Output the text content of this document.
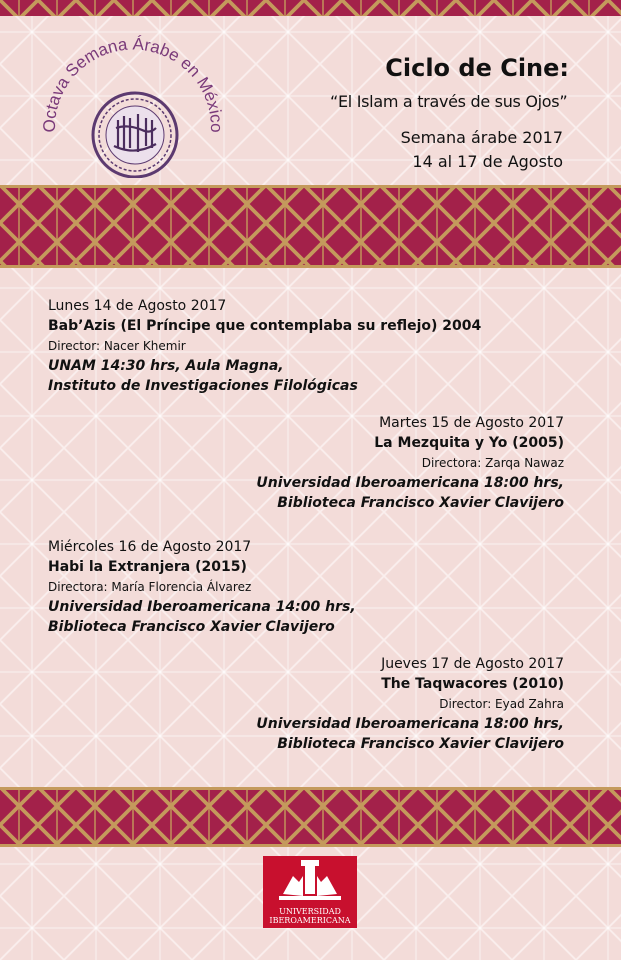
Octava Semana Árabe en México
Ciclo de Cine:
“El Islam a través de sus Ojos”
Semana árabe 2017
14 al 17 de Agosto
Lunes 14 de Agosto 2017
Bab’Azis (El Príncipe que contemplaba su reflejo) 2004
Director: Nacer Khemir
UNAM 14:30 hrs, Aula Magna,
Instituto de Investigaciones Filológicas
Martes 15 de Agosto 2017
La Mezquita y Yo (2005)
Directora: Zarqa Nawaz
Universidad Iberoamericana 18:00 hrs,
Biblioteca Francisco Xavier Clavijero
Miércoles 16 de Agosto 2017
Habi la Extranjera (2015)
Directora: María Florencia Álvarez
Universidad Iberoamericana 14:00 hrs,
Biblioteca Francisco Xavier Clavijero
Jueves 17 de Agosto 2017
The Taqwacores (2010)
Director: Eyad Zahra
Universidad Iberoamericana 18:00 hrs,
Biblioteca Francisco Xavier Clavijero
UNIVERSIDAD
IBEROAMERICANA
